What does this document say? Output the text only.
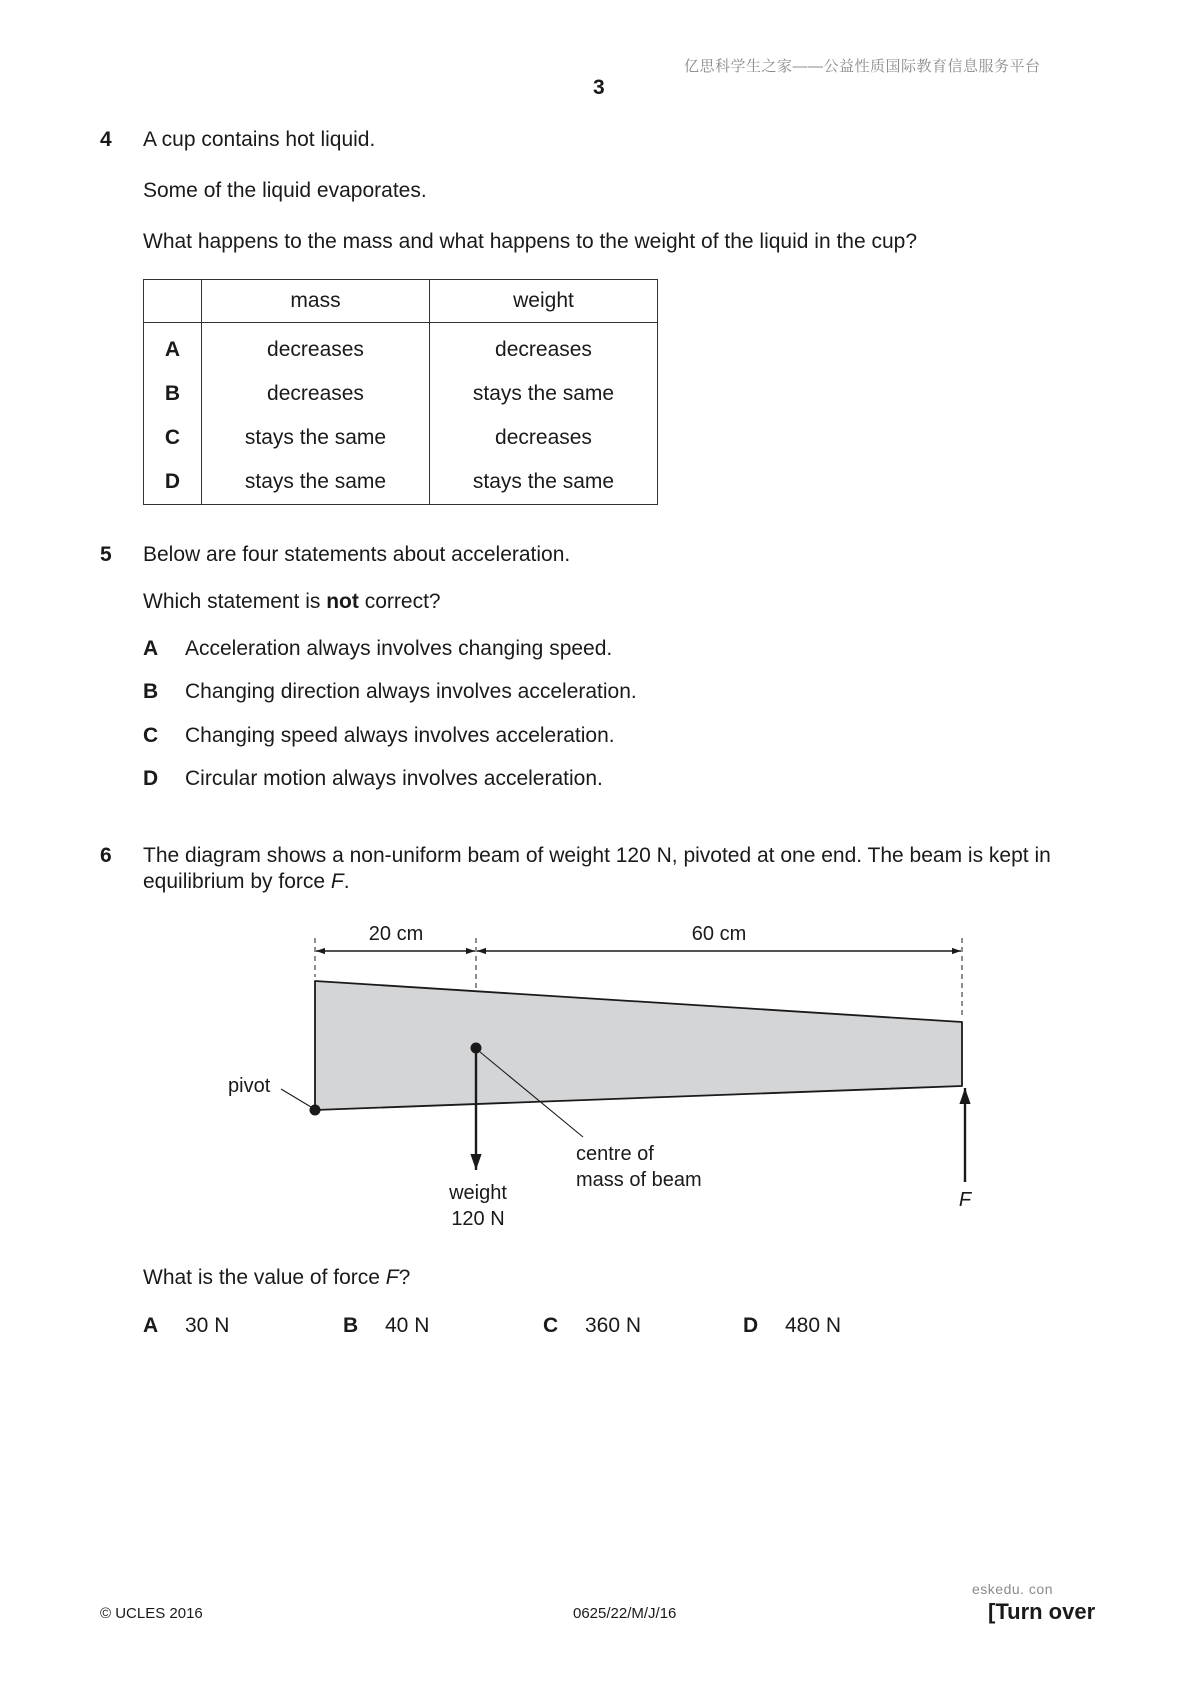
亿思科学生之家——公益性质国际教育信息服务平台
3
4 A cup contains hot liquid.
Some of the liquid evaporates.
What happens to the mass and what happens to the weight of the liquid in the cup?
	mass	weight
A	decreases	decreases
B	decreases	stays the same
C	stays the same	decreases
D	stays the same	stays the same
5 Below are four statements about acceleration.
Which statement is not correct?
A Acceleration always involves changing speed.
B Changing direction always involves acceleration.
C Changing speed always involves acceleration.
D Circular motion always involves acceleration.
6 The diagram shows a non-uniform beam of weight 120 N, pivoted at one end. The beam is kept in
equilibrium by force F.
20 cm	60 cm
pivot
centre of
mass of beam
weight
120 N
F
What is the value of force F?
A 30 N	B 40 N	C 360 N	D 480 N
eskedu. con
© UCLES 2016	0625/22/M/J/16	[Turn over
